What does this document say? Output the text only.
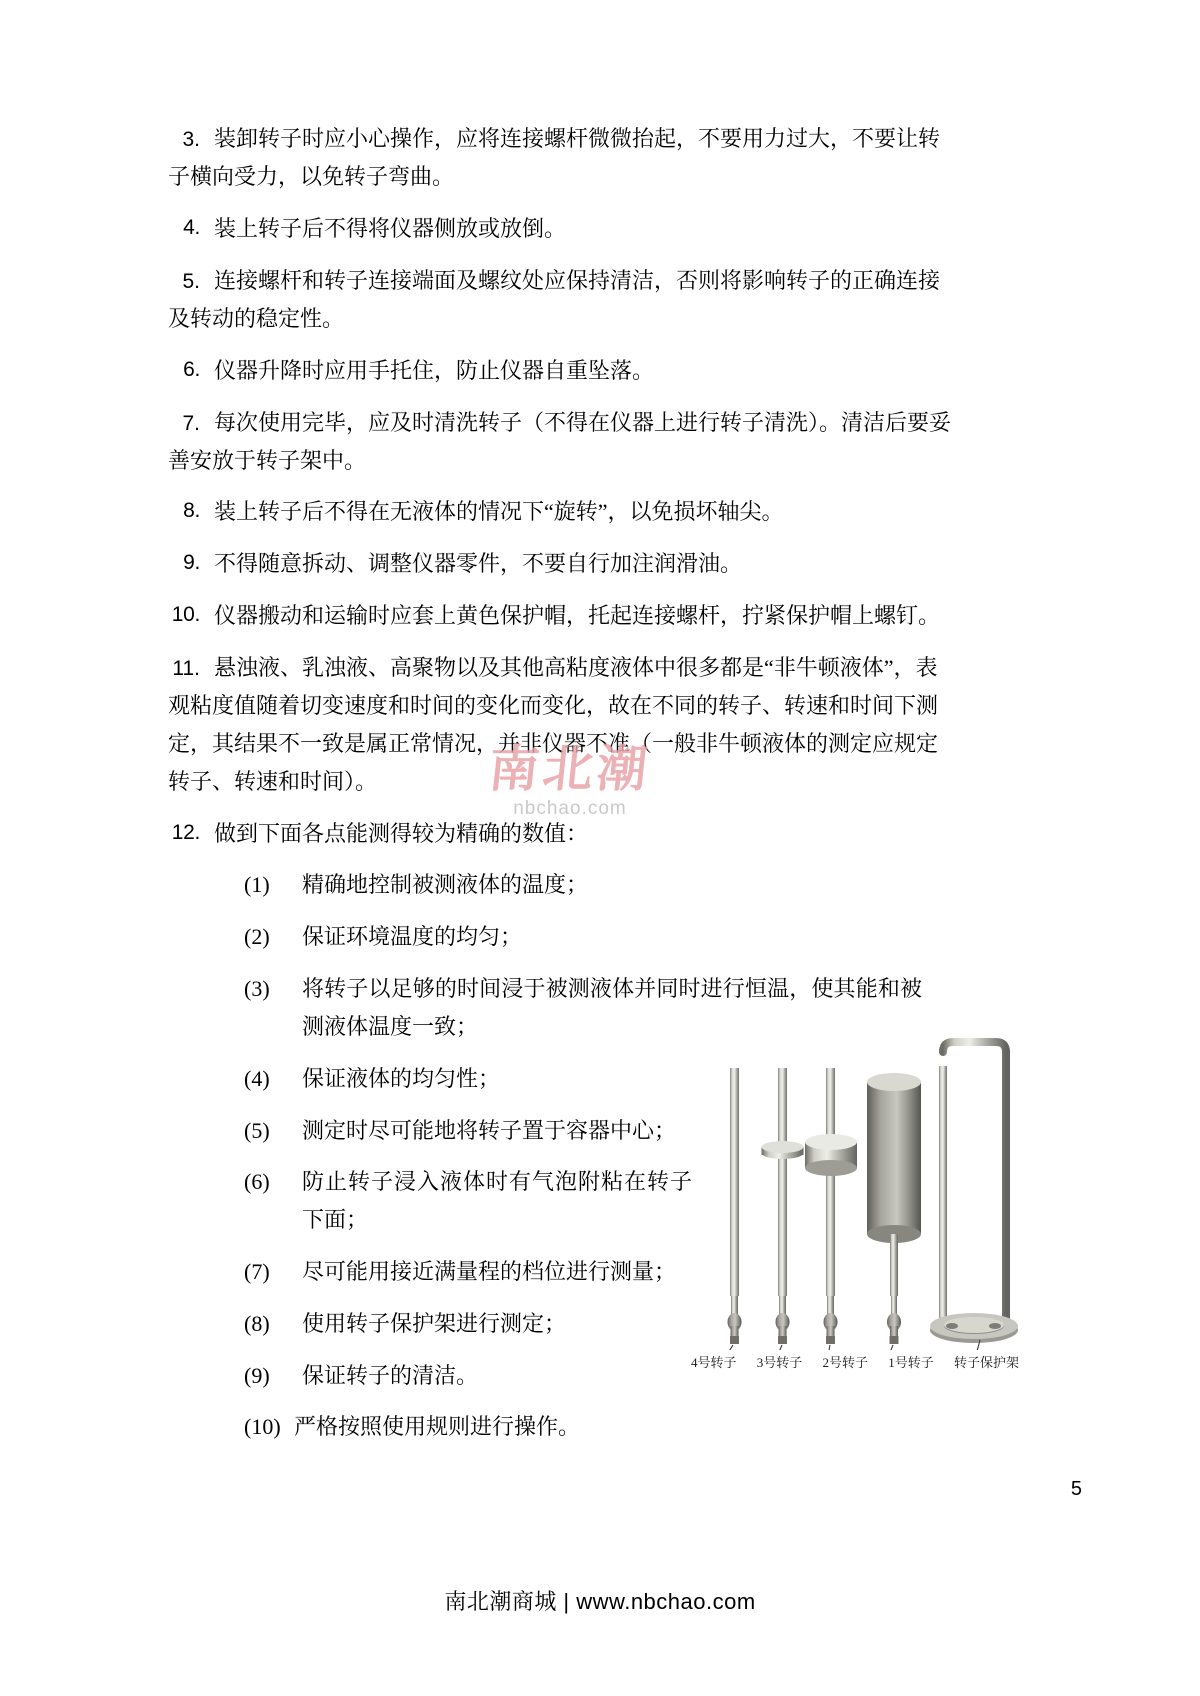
3. 装卸转子时应小心操作，应将连接螺杆微微抬起，不要用力过大，不要让转子横向受力，以免转子弯曲。
4. 装上转子后不得将仪器侧放或放倒。
5. 连接螺杆和转子连接端面及螺纹处应保持清洁，否则将影响转子的正确连接及转动的稳定性。
6. 仪器升降时应用手托住，防止仪器自重坠落。
7. 每次使用完毕，应及时清洗转子（不得在仪器上进行转子清洗）。清洁后要妥善安放于转子架中。
8. 装上转子后不得在无液体的情况下“旋转”，以免损坏轴尖。
9. 不得随意拆动、调整仪器零件，不要自行加注润滑油。
10. 仪器搬动和运输时应套上黄色保护帽，托起连接螺杆，拧紧保护帽上螺钉。
11. 悬浊液、乳浊液、高聚物以及其他高粘度液体中很多都是“非牛顿液体”，表观粘度值随着切变速度和时间的变化而变化，故在不同的转子、转速和时间下测定，其结果不一致是属正常情况，并非仪器不准（一般非牛顿液体的测定应规定转子、转速和时间）。
12. 做到下面各点能测得较为精确的数值：
(1)	精确地控制被测液体的温度；
(2)	保证环境温度的均匀；
(3)	将转子以足够的时间浸于被测液体并同时进行恒温，使其能和被测液体温度一致；
(4)	保证液体的均匀性；
(5)	测定时尽可能地将转子置于容器中心；
(6)	防止转子浸入液体时有气泡附粘在转子下面；
(7)	尽可能用接近满量程的档位进行测量；
(8)	使用转子保护架进行测定；
(9)	保证转子的清洁。
(10) 严格按照使用规则进行操作。
南北潮
nbchao.com
4号转子 3号转子 2号转子 1号转子 转子保护架
5
南北潮商城 | www.nbchao.com
